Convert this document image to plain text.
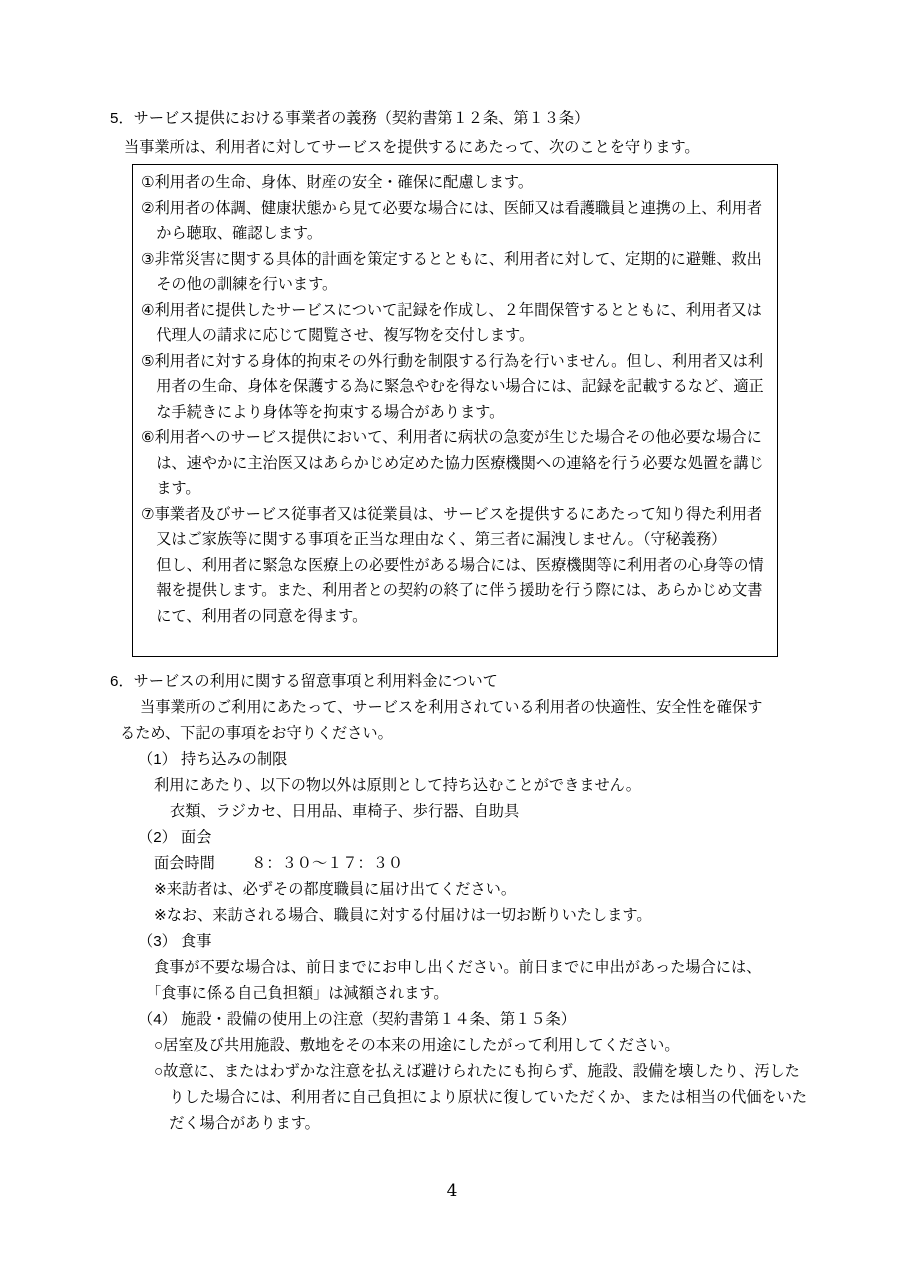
5．サービス提供における事業者の義務（契約書第１２条、第１３条）
当事業所は、利用者に対してサービスを提供するにあたって、次のことを守ります。

①利用者の生命、身体、財産の安全・確保に配慮します。

②利用者の体調、健康状態から見て必要な場合には、医師又は看護職員と連携の上、利用者から聴取、確認します。

③非常災害に関する具体的計画を策定するとともに、利用者に対して、定期的に避難、救出その他の訓練を行います。

④利用者に提供したサービスについて記録を作成し、２年間保管するとともに、利用者又は代理人の請求に応じて閲覧させ、複写物を交付します。

⑤利用者に対する身体的拘束その外行動を制限する行為を行いません。但し、利用者又は利用者の生命、身体を保護する為に緊急やむを得ない場合には、記録を記載するなど、適正な手続きにより身体等を拘束する場合があります。

⑥利用者へのサービス提供において、利用者に病状の急変が生じた場合その他必要な場合には、速やかに主治医又はあらかじめ定めた協力医療機関への連絡を行う必要な処置を講じます。

⑦事業者及びサービス従事者又は従業員は、サービスを提供するにあたって知り得た利用者又はご家族等に関する事項を正当な理由なく、第三者に漏洩しません。（守秘義務）

但し、利用者に緊急な医療上の必要性がある場合には、医療機関等に利用者の心身等の情報を提供します。また、利用者との契約の終了に伴う援助を行う際には、あらかじめ文書にて、利用者の同意を得ます。

6．サービスの利用に関する留意事項と利用料金について
当事業所のご利用にあたって、サービスを利用されている利用者の快適性、安全性を確保するため、下記の事項をお守りください。
（1） 持ち込みの制限
利用にあたり、以下の物以外は原則として持ち込むことができません。
衣類、ラジカセ、日用品、車椅子、歩行器、自助具
（2） 面会
面会時間 ８：３０～１７：３０
※来訪者は、必ずその都度職員に届け出てください。
※なお、来訪される場合、職員に対する付届けは一切お断りいたします。
（3） 食事
食事が不要な場合は、前日までにお申し出ください。前日までに申出があった場合には、「食事に係る自己負担額」は減額されます。
（4） 施設・設備の使用上の注意（契約書第１４条、第１５条）
○居室及び共用施設、敷地をその本来の用途にしたがって利用してください。
○故意に、またはわずかな注意を払えば避けられたにも拘らず、施設、設備を壊したり、汚したりした場合には、利用者に自己負担により原状に復していただくか、または相当の代価をいただく場合があります。
4
